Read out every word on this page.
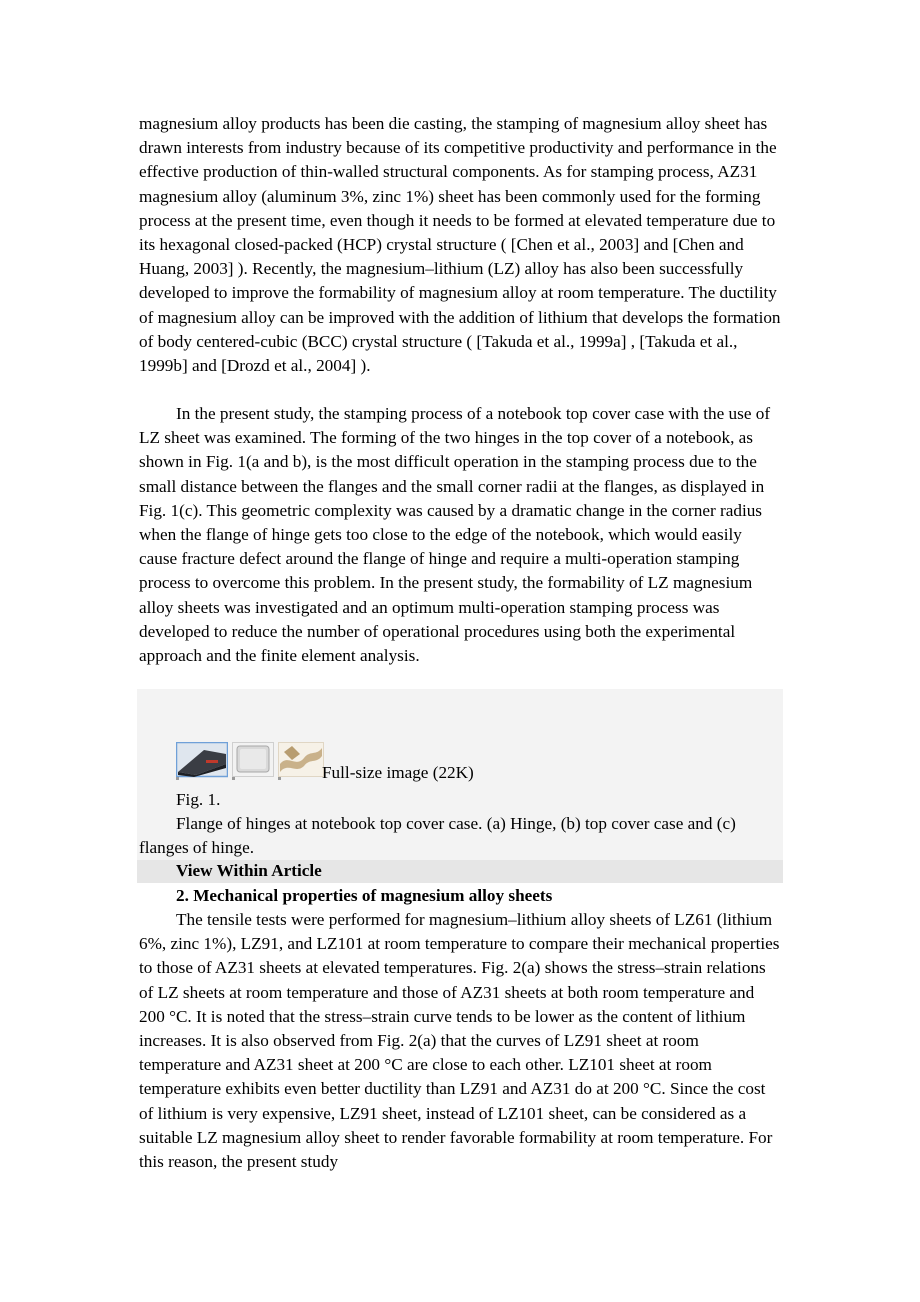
magnesium alloy products has been die casting, the stamping of magnesium alloy sheet has drawn interests from industry because of its competitive productivity and performance in the effective production of thin-walled structural components. As for stamping process, AZ31 magnesium alloy (aluminum 3%, zinc 1%) sheet has been commonly used for the forming process at the present time, even though it needs to be formed at elevated temperature due to its hexagonal closed-packed (HCP) crystal structure ( [Chen et al., 2003] and [Chen and Huang, 2003] ). Recently, the magnesium–lithium (LZ) alloy has also been successfully developed to improve the formability of magnesium alloy at room temperature. The ductility of magnesium alloy can be improved with the addition of lithium that develops the formation of body centered-cubic (BCC) crystal structure ( [Takuda et al., 1999a] , [Takuda et al., 1999b] and [Drozd et al., 2004] ).

In the present study, the stamping process of a notebook top cover case with the use of LZ sheet was examined. The forming of the two hinges in the top cover of a notebook, as shown in Fig. 1(a and b), is the most difficult operation in the stamping process due to the small distance between the flanges and the small corner radii at the flanges, as displayed in Fig. 1(c). This geometric complexity was caused by a dramatic change in the corner radius when the flange of hinge gets too close to the edge of the notebook, which would easily cause fracture defect around the flange of hinge and require a multi-operation stamping process to overcome this problem. In the present study, the formability of LZ magnesium alloy sheets was investigated and an optimum multi-operation stamping process was developed to reduce the number of operational procedures using both the experimental approach and the finite element analysis.

Full-size image (22K)
Fig. 1.

Flange of hinges at notebook top cover case. (a) Hinge, (b) top cover case and (c) flanges of hinge.

View Within Article
2. Mechanical properties of magnesium alloy sheets

The tensile tests were performed for magnesium–lithium alloy sheets of LZ61 (lithium 6%, zinc 1%), LZ91, and LZ101 at room temperature to compare their mechanical properties to those of AZ31 sheets at elevated temperatures. Fig. 2(a) shows the stress–strain relations of LZ sheets at room temperature and those of AZ31 sheets at both room temperature and 200 °C. It is noted that the stress–strain curve tends to be lower as the content of lithium increases. It is also observed from Fig. 2(a) that the curves of LZ91 sheet at room temperature and AZ31 sheet at 200 °C are close to each other. LZ101 sheet at room temperature exhibits even better ductility than LZ91 and AZ31 do at 200 °C. Since the cost of lithium is very expensive, LZ91 sheet, instead of LZ101 sheet, can be considered as a suitable LZ magnesium alloy sheet to render favorable formability at room temperature. For this reason, the present study
